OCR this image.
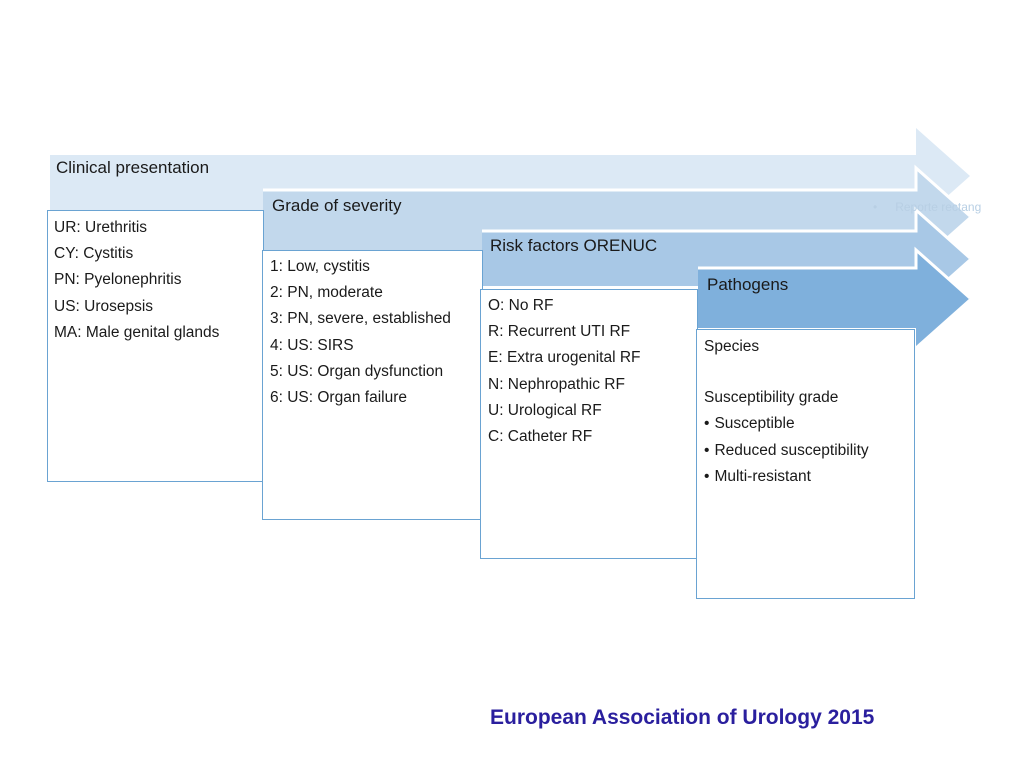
Clinical presentation
Grade of severity
Risk factors ORENUC
Pathogens
• Reporte rectang
UR: Urethritis
CY: Cystitis
PN: Pyelonephritis
US: Urosepsis
MA: Male genital glands
1: Low, cystitis
2: PN, moderate
3: PN, severe, established
4: US: SIRS
5: US: Organ dysfunction
6: US: Organ failure
O: No RF
R: Recurrent UTI RF
E: Extra urogenital RF
N: Nephropathic RF
U: Urological RF
C: Catheter RF
Species
Susceptibility grade
• Susceptible
• Reduced susceptibility
• Multi-resistant
European Association of Urology 2015
